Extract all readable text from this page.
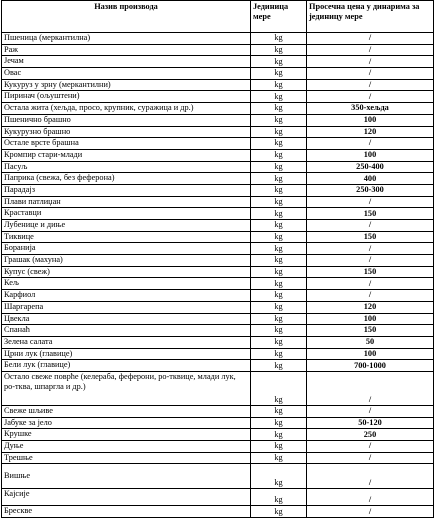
Назив производа	Јединица мере	Просечна цена у динарима за јединицу мере
Пшеница (меркантилна)	kg	/
Раж	kg	/
Јечам	kg	/
Овас	kg	/
Кукуруз у зрну (меркантилни)	kg	/
Пиринач (ољуштени)	kg	/
Остала жита (хељда, просо, крупник, суражица и др.)	kg	350-хељда
Пшенично брашно	kg	100
Кукурузно брашно	kg	120
Остале врсте брашна	kg	/
Кромпир стари-млади	kg	100
Пасуљ	kg	250-400
Паприка (свежа, без феферона)	kg	400
Парадајз	kg	250-300
Плави патлиџан	kg	/
Краставци	kg	150
Лубенице и диње	kg	/
Тиквице	kg	150
Боранија	kg	/
Грашак (махуна)	kg	/
Купус (свеж)	kg	150
Кељ	kg	/
Карфиол	kg	/
Шаргарепа	kg	120
Цвекла	kg	100
Спанаћ	kg	150
Зелена салата	kg	50
Црни лук (главице)	kg	100
Бели лук (главице)	kg	700-1000
Остало свеже поврће (келераба, феферони, ро-тквице, млади лук, ро-тква, шпаргла и др.)	kg	/
Свеже шљиве	kg	/
Јабуке за јело	kg	50-120
Крушке	kg	250
Дуње	kg	/
Трешње	kg	/
Вишње	kg	/
Кајсије	kg	/
Брескве	kg	/
